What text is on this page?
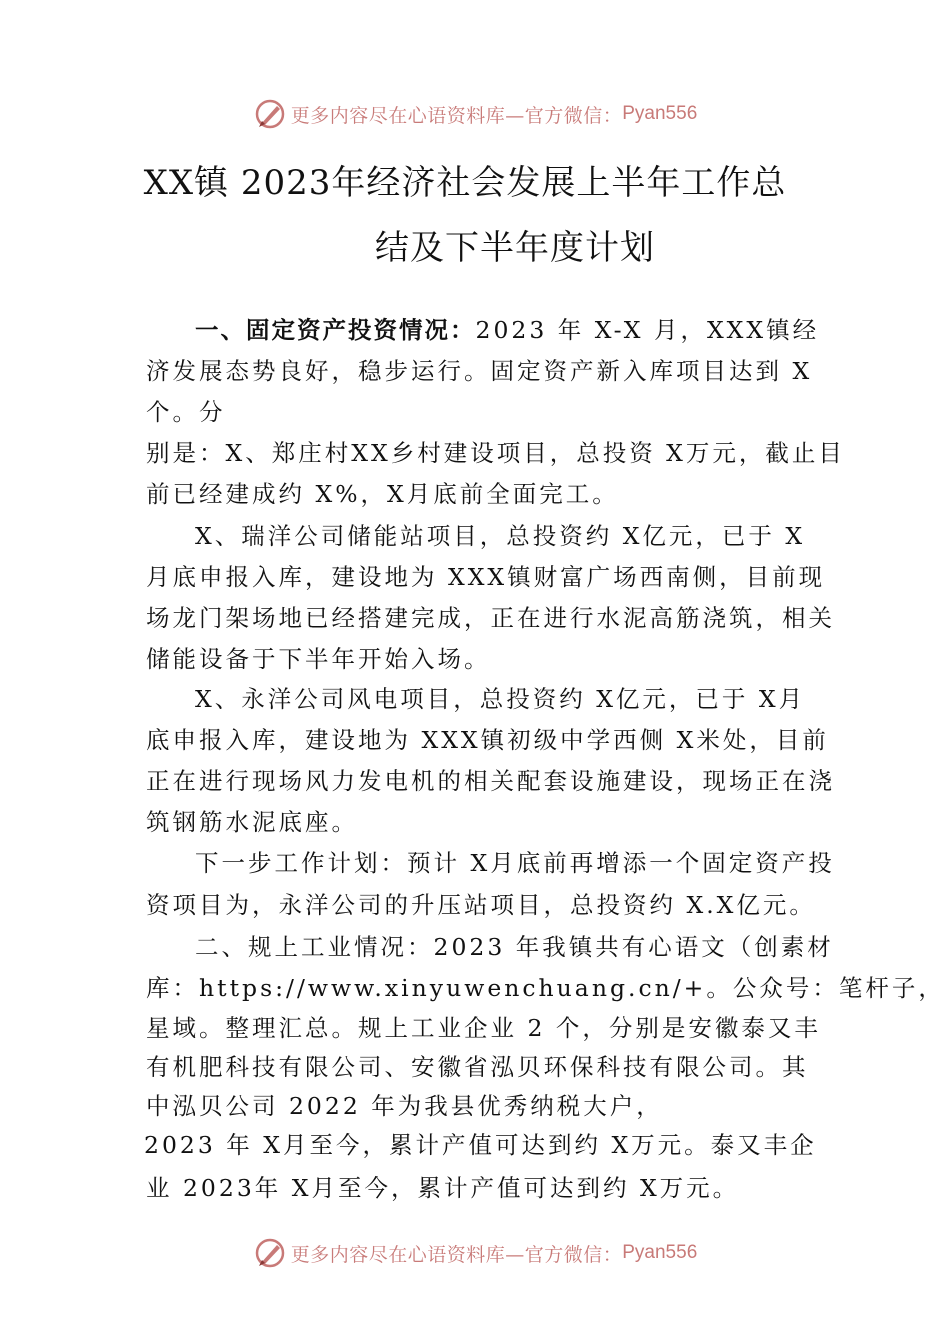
更多内容尽在心语资料库—官方微信： Pyan556
XX镇 2023年经济社会发展上半年工作总
结及下半年度计划
一、固定资产投资情况：2023 年 X-X 月，XXX镇经
济发展态势良好，稳步运行。固定资产新入库项目达到 X
个。分
别是：X、郑庄村XX乡村建设项目，总投资 X万元，截止目
前已经建成约 X%，X月底前全面完工。
X、瑞洋公司储能站项目，总投资约 X亿元，已于 X
月底申报入库，建设地为 XXX镇财富广场西南侧，目前现
场龙门架场地已经搭建完成，正在进行水泥高筋浇筑，相关
储能设备于下半年开始入场。
X、永洋公司风电项目，总投资约 X亿元，已于 X月
底申报入库，建设地为 XXX镇初级中学西侧 X米处，目前
正在进行现场风力发电机的相关配套设施建设，现场正在浇
筑钢筋水泥底座。
下一步工作计划：预计 X月底前再增添一个固定资产投
资项目为，永洋公司的升压站项目，总投资约 X.X亿元。
二、规上工业情况：2023 年我镇共有心语文（创素材
库：https://www.xinyuwenchuang.cn/+。公众号：笔杆子，
星域。整理汇总。规上工业企业 2 个，分别是安徽泰又丰
有机肥科技有限公司、安徽省泓贝环保科技有限公司。其
中泓贝公司 2022 年为我县优秀纳税大户，
2023 年 X月至今，累计产值可达到约 X万元。泰又丰企
业 2023年 X月至今，累计产值可达到约 X万元。
更多内容尽在心语资料库—官方微信： Pyan556
